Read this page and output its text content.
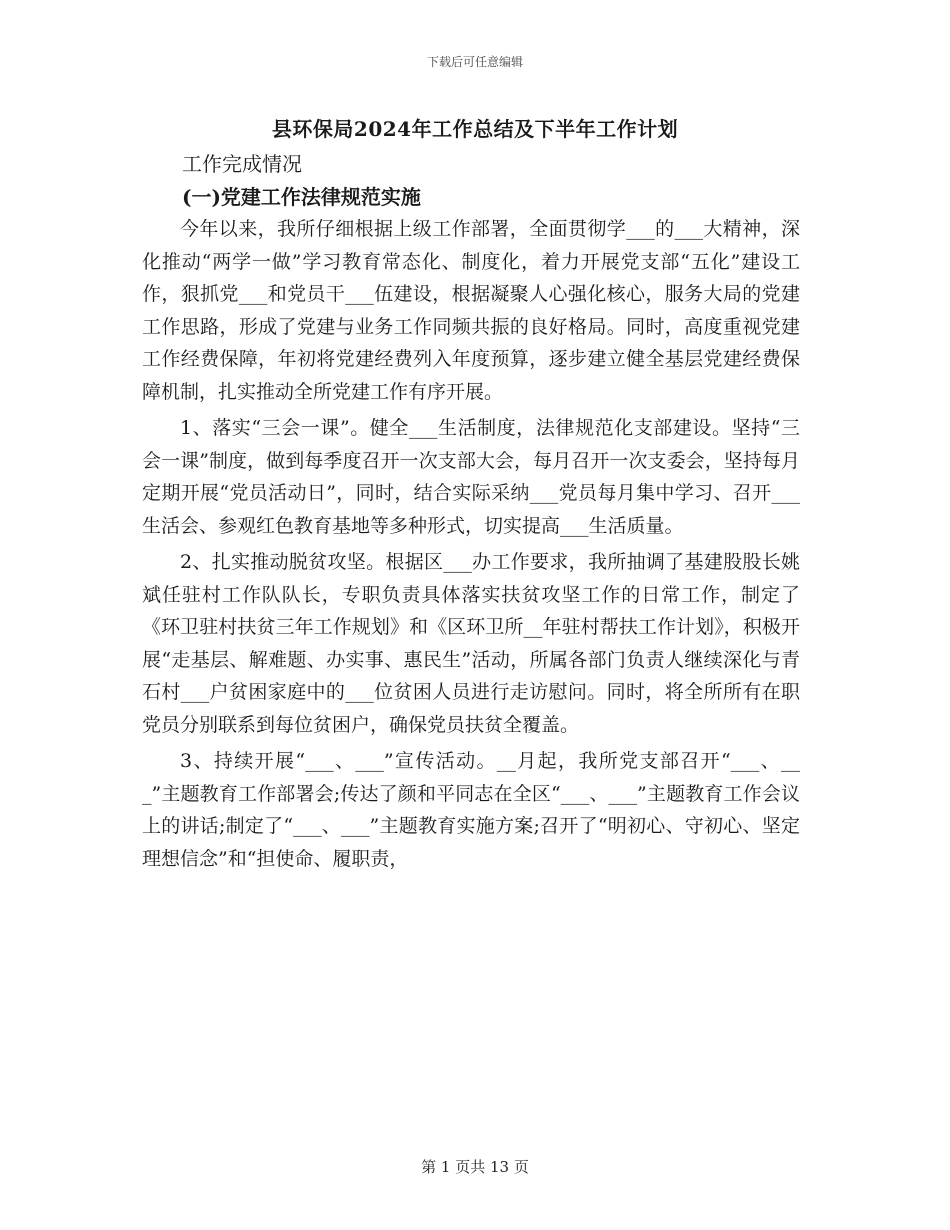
下载后可任意编辑
县环保局2024年工作总结及下半年工作计划

工作完成情况

(一)党建工作法律规范实施

今年以来，我所仔细根据上级工作部署，全面贯彻学___的___大精神，深化推动“两学一做”学习教育常态化、制度化，着力开展党支部“五化”建设工作，狠抓党___和党员干___伍建设，根据凝聚人心强化核心，服务大局的党建工作思路，形成了党建与业务工作同频共振的良好格局。同时，高度重视党建工作经费保障，年初将党建经费列入年度预算，逐步建立健全基层党建经费保障机制，扎实推动全所党建工作有序开展。

1、落实“三会一课”。健全___生活制度，法律规范化支部建设。坚持“三会一课”制度，做到每季度召开一次支部大会，每月召开一次支委会，坚持每月定期开展“党员活动日”，同时，结合实际采纳___党员每月集中学习、召开___生活会、参观红色教育基地等多种形式，切实提高___生活质量。

2、扎实推动脱贫攻坚。根据区___办工作要求，我所抽调了基建股股长姚斌任驻村工作队队长，专职负责具体落实扶贫攻坚工作的日常工作，制定了《环卫驻村扶贫三年工作规划》和《区环卫所__年驻村帮扶工作计划》，积极开展“走基层、解难题、办实事、惠民生”活动，所属各部门负责人继续深化与青石村___户贫困家庭中的___位贫困人员进行走访慰问。同时，将全所所有在职党员分别联系到每位贫困户，确保党员扶贫全覆盖。

3、持续开展“___、___”宣传活动。__月起，我所党支部召开“___、___”主题教育工作部署会;传达了颜和平同志在全区“___、___”主题教育工作会议上的讲话;制定了“___、___”主题教育实施方案;召开了“明初心、守初心、坚定理想信念”和“担使命、履职责，

第 1 页共 13 页
